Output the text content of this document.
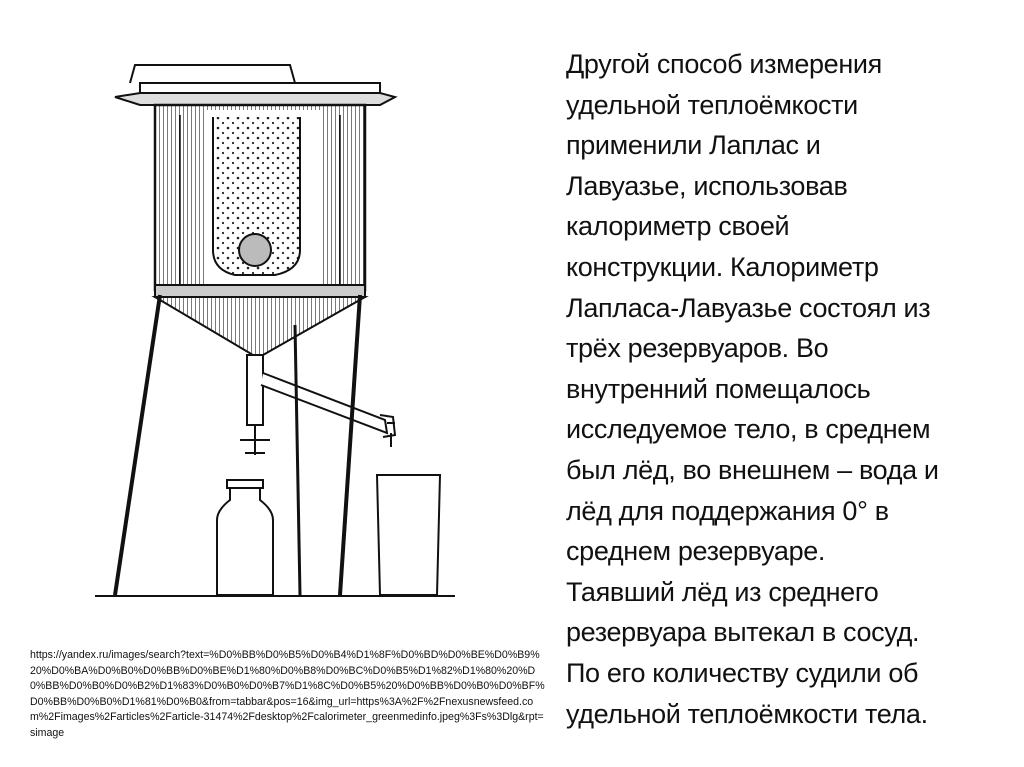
https://yandex.ru/images/search?text=%D0%BB%D0%B5%D0%B4%D1%8F%D0%BD%D0%BE%D0%B9%20%D0%BA%D0%B0%D0%BB%D0%BE%D1%80%D0%B8%D0%BC%D0%B5%D1%82%D1%80%20%D0%BB%D0%B0%D0%B2%D1%83%D0%B0%D0%B7%D1%8C%D0%B5%20%D0%BB%D0%B0%D0%BF%D0%BB%D0%B0%D1%81%D0%B0&from=tabbar&pos=16&img_url=https%3A%2F%2Fnexusnewsfeed.com%2Fimages%2Farticles%2Farticle-31474%2Fdesktop%2Fcalorimeter_greenmedinfo.jpeg%3Fs%3Dlg&rpt=simage

Другой способ измерения
удельной теплоёмкости
применили Лаплас и
Лавуазье, использовав
калориметр своей
конструкции. Калориметр
Лапласа-Лавуазье состоял из
трёх резервуаров. Во
внутренний помещалось
исследуемое тело, в среднем
был лёд, во внешнем – вода и
лёд для поддержания 0° в
среднем резервуаре.
Таявший лёд из среднего
резервуара вытекал в сосуд.
По его количеству судили об
удельной теплоёмкости тела.
